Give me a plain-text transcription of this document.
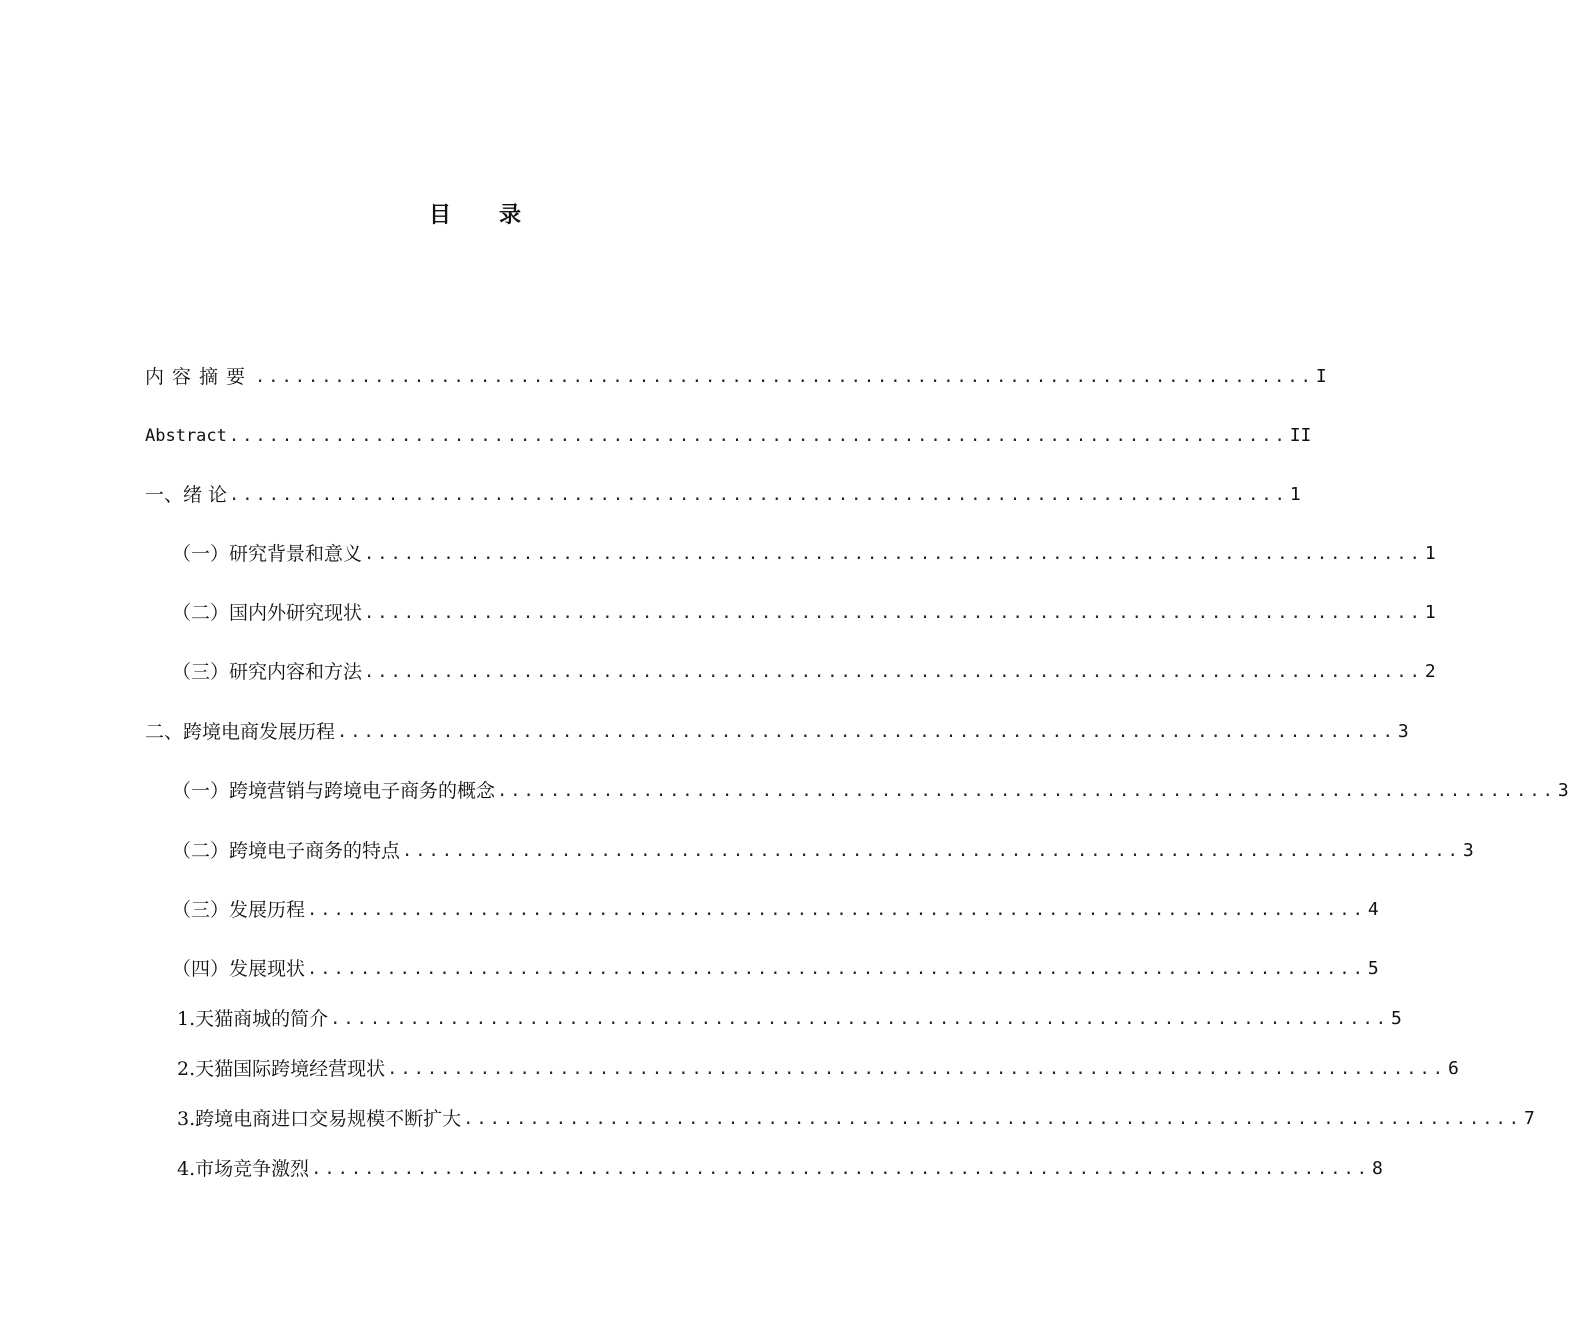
目 录
内容摘要 ................................................................................ I
Abstract ................................................................................ II
一、绪 论 ................................................................................ 1
（一）研究背景和意义 ................................................................................ 1
（二）国内外研究现状 ................................................................................ 1
（三）研究内容和方法 ................................................................................ 2
二、跨境电商发展历程 ................................................................................ 3
（一）跨境营销与跨境电子商务的概念 ................................................................................ 3
（二）跨境电子商务的特点 ................................................................................ 3
（三）发展历程 ................................................................................ 4
（四）发展现状 ................................................................................ 5
1.天猫商城的简介 ................................................................................ 5
2.天猫国际跨境经营现状 ................................................................................ 6
3.跨境电商进口交易规模不断扩大 ................................................................................ 7
4.市场竞争激烈 ................................................................................ 8
